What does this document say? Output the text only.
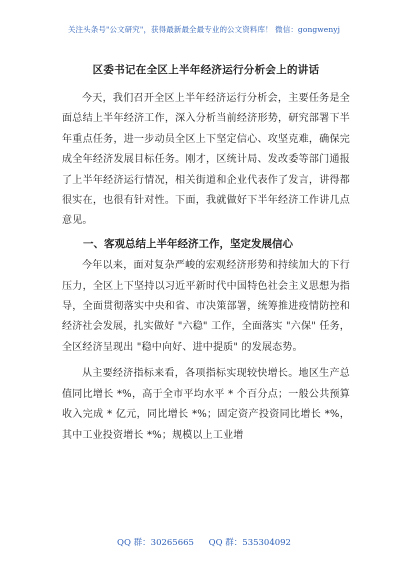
关注头条号"公文研究"，获得最新最全最专业的公文资料库！ 微信：gongwenyj
区委书记在全区上半年经济运行分析会上的讲话

今天，我们召开全区上半年经济运行分析会，主要任务是全面总结上半年经济工作，深入分析当前经济形势，研究部署下半年重点任务，进一步动员全区上下坚定信心、攻坚克难，确保完成全年经济发展目标任务。刚才，区统计局、发改委等部门通报了上半年经济运行情况，相关街道和企业代表作了发言，讲得都很实在，也很有针对性。下面，我就做好下半年经济工作讲几点意见。

一、客观总结上半年经济工作，坚定发展信心

今年以来，面对复杂严峻的宏观经济形势和持续加大的下行压力，全区上下坚持以习近平新时代中国特色社会主义思想为指导，全面贯彻落实中央和省、市决策部署，统筹推进疫情防控和经济社会发展，扎实做好 "六稳" 工作，全面落实 "六保" 任务，全区经济呈现出 "稳中向好、进中提质" 的发展态势。

从主要经济指标来看，各项指标实现较快增长。地区生产总值同比增长 *%，高于全市平均水平 * 个百分点；一般公共预算收入完成 * 亿元，同比增长 *%；固定资产投资同比增长 *%，其中工业投资增长 *%；规模以上工业增

QQ 群：30265665 QQ 群：535304092
